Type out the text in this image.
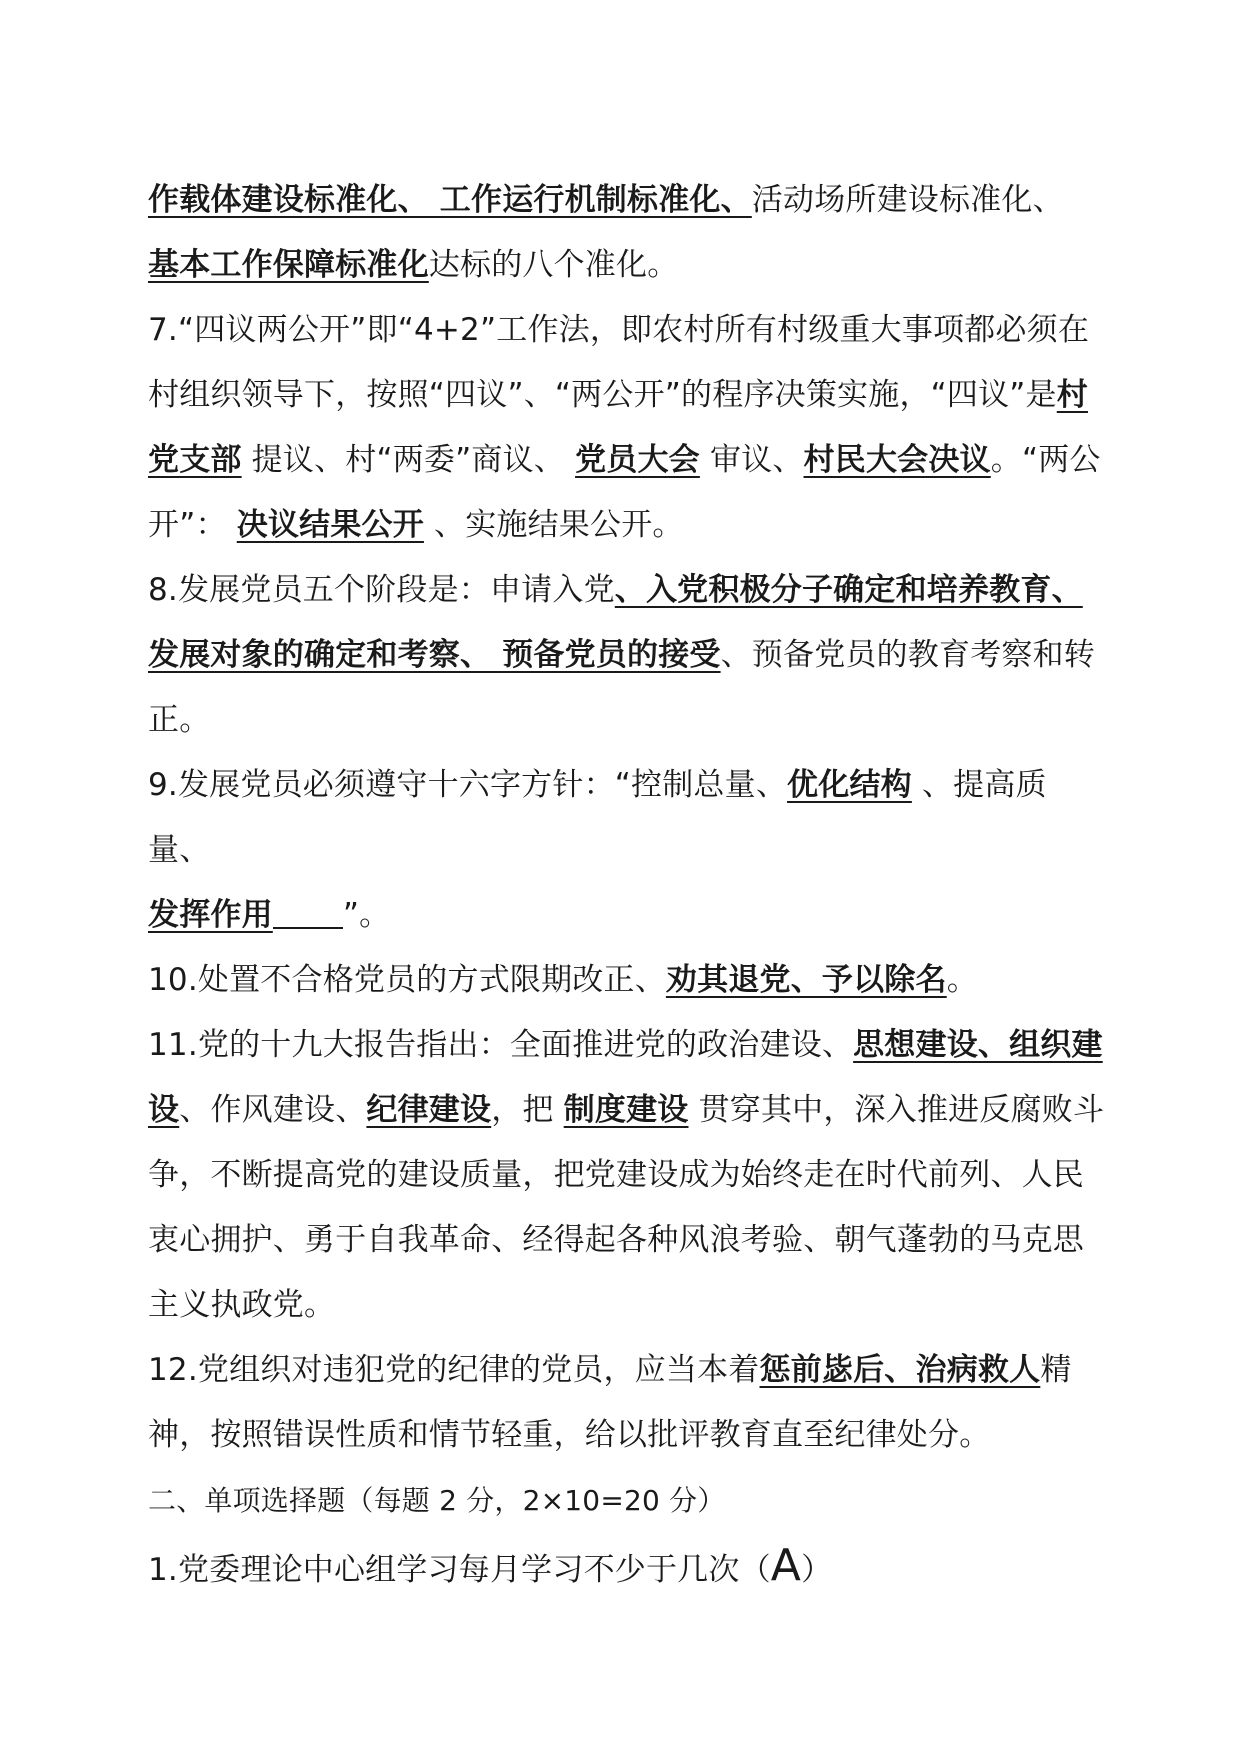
作载体建设标准化、 工作运行机制标准化、活动场所建设标准化、
基本工作保障标准化达标的八个准化。

7.“四议两公开”即“4+2”工作法，即农村所有村级重大事项都必须在村组织领导下，按照“四议”、“两公开”的程序决策实施，“四议”是村党支部 提议、村“两委”商议、 党员大会 审议、村民大会决议。“两公开”： 决议结果公开 、实施结果公开。

8.发展党员五个阶段是：申请入党、入党积极分子确定和培养教育、发展对象的确定和考察、 预备党员的接受、预备党员的教育考察和转正。

9.发展党员必须遵守十六字方针：“控制总量、优化结构 、提高质量、
发挥作用 ”。

10.处置不合格党员的方式限期改正、劝其退党、予以除名。

11.党的十九大报告指出：全面推进党的政治建设、思想建设、组织建设、作风建设、纪律建设，把 制度建设 贯穿其中，深入推进反腐败斗争，不断提高党的建设质量，把党建设成为始终走在时代前列、人民衷心拥护、勇于自我革命、经得起各种风浪考验、朝气蓬勃的马克思主义执政党。

12.党组织对违犯党的纪律的党员，应当本着惩前毖后、治病救人精神，按照错误性质和情节轻重，给以批评教育直至纪律处分。

二、单项选择题（每题 2 分，2×10=20 分）

1.党委理论中心组学习每月学习不少于几次（A）
